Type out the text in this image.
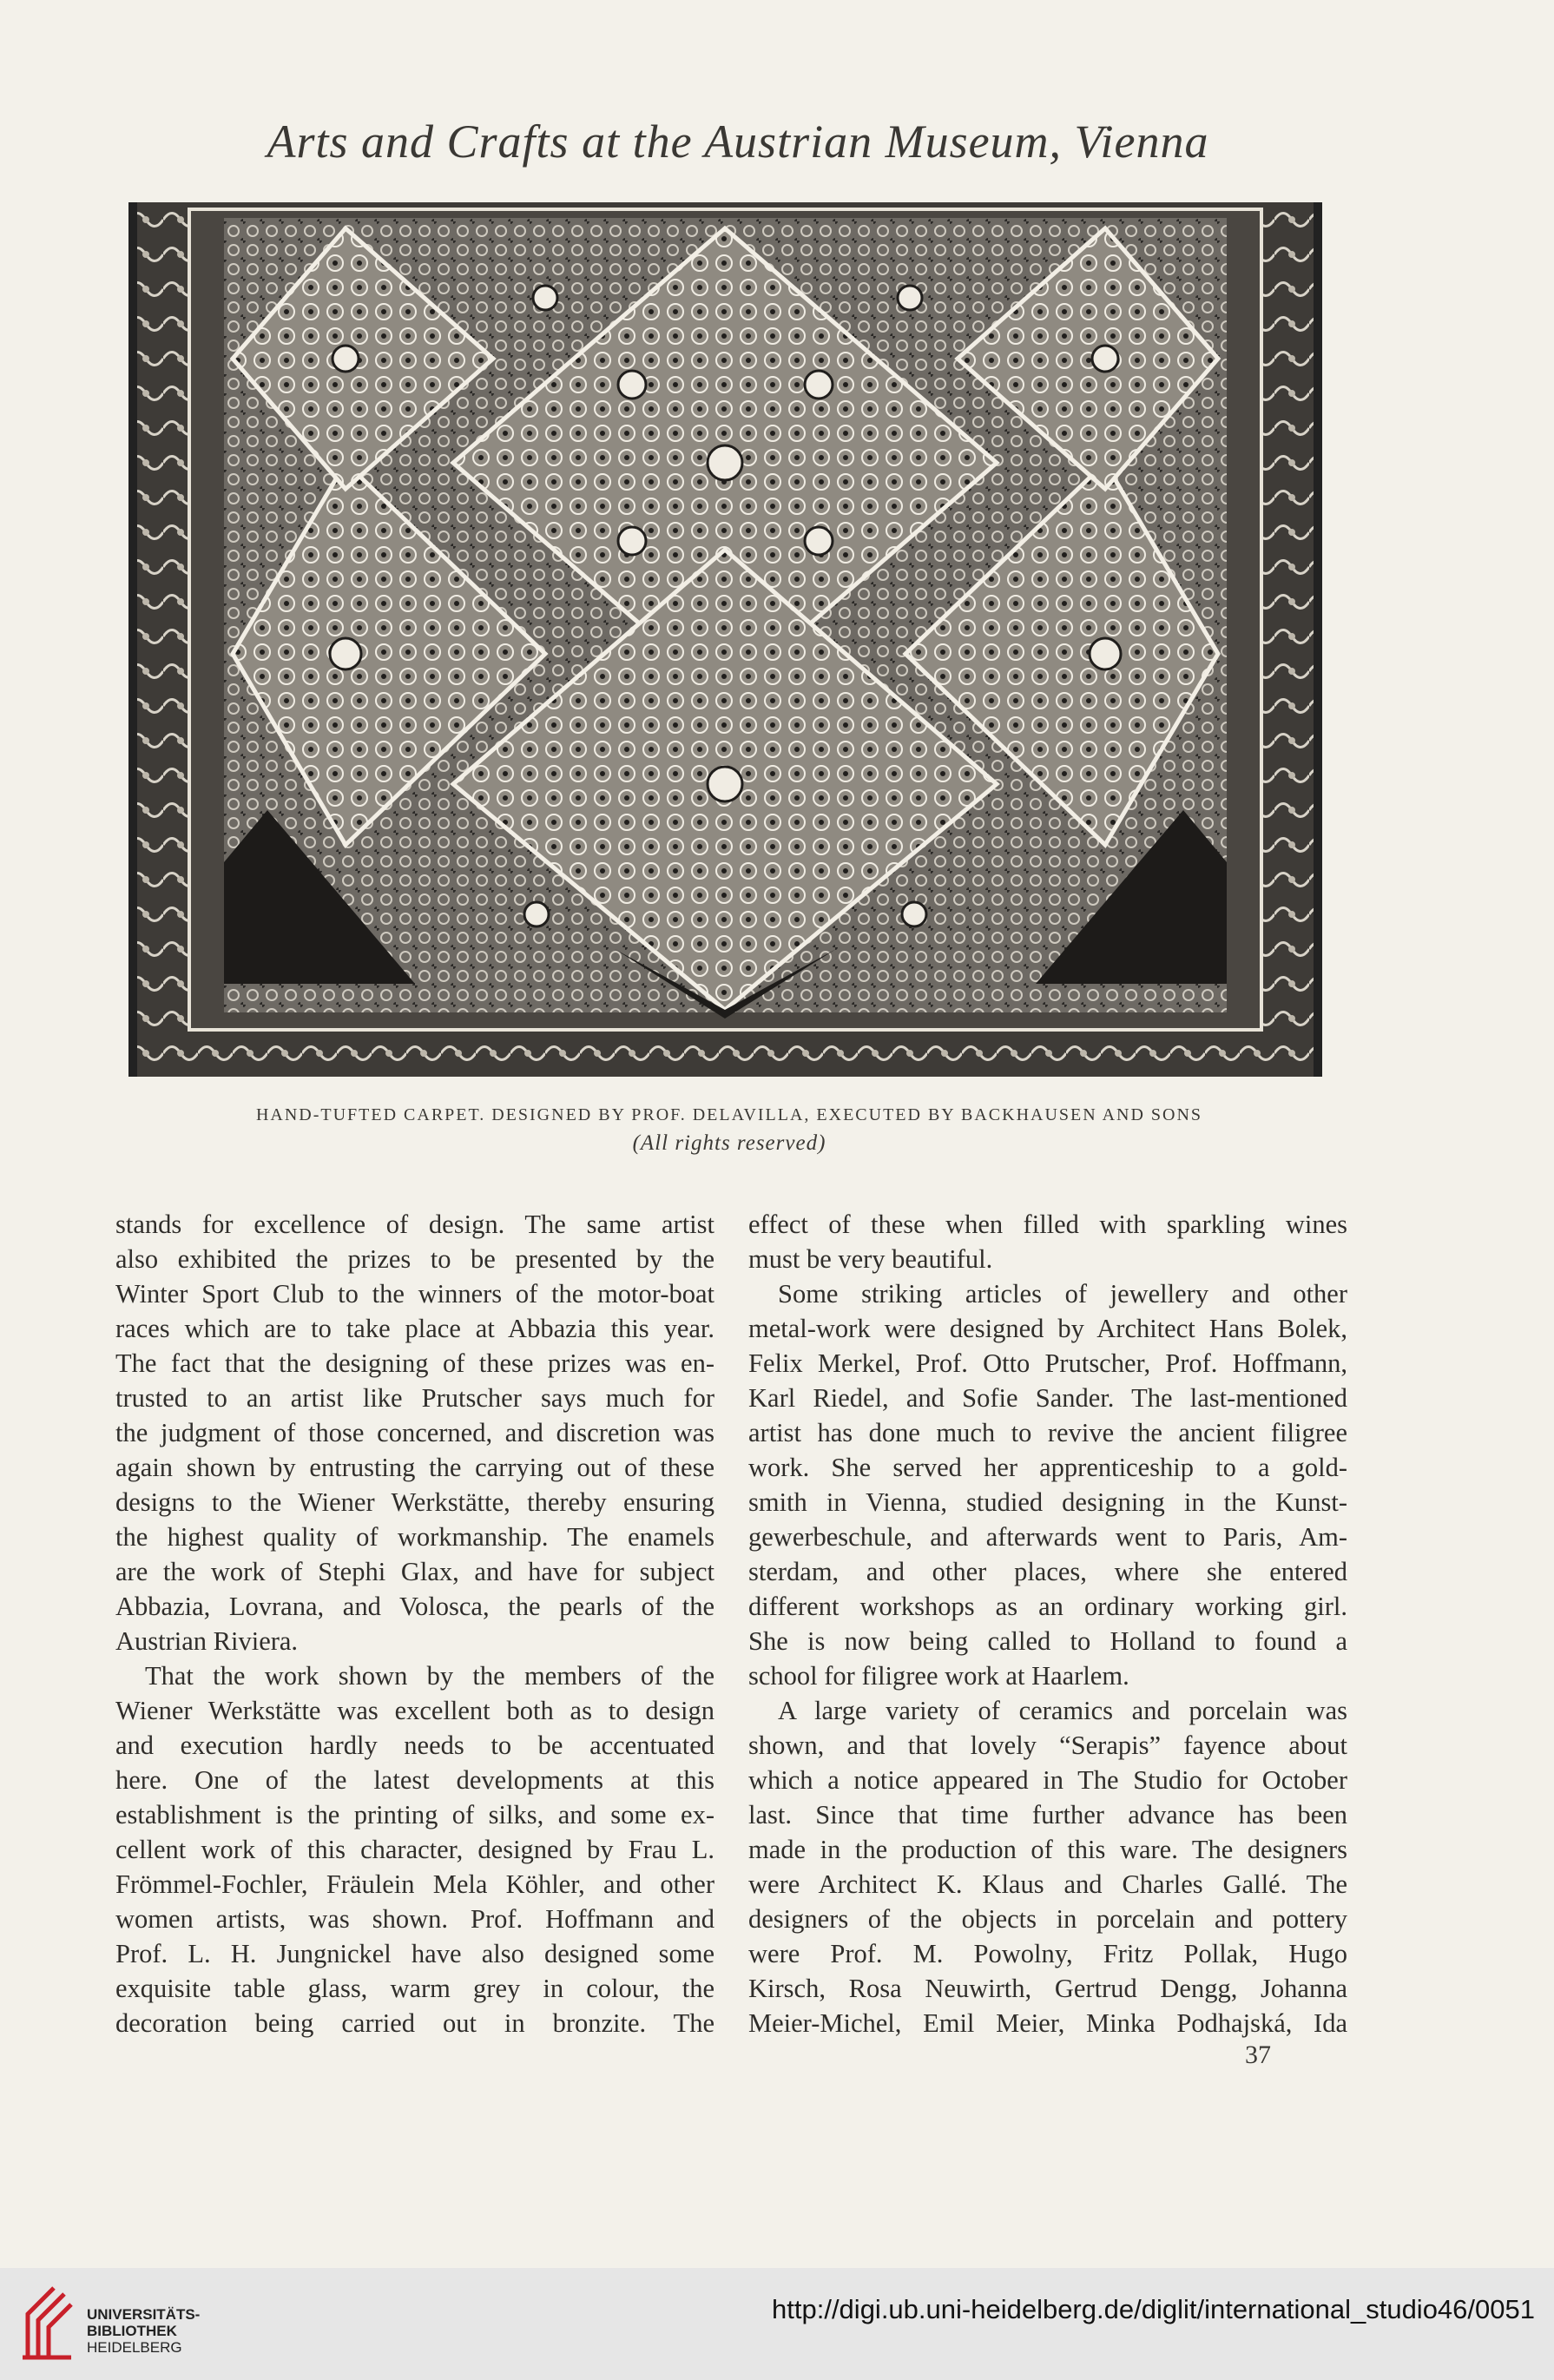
Arts and Crafts at the Austrian Museum, Vienna
HAND-TUFTED CARPET. DESIGNED BY PROF. DELAVILLA, EXECUTED BY BACKHAUSEN AND SONS
(All rights reserved)

stands for excellence of design. The same artist

also exhibited the prizes to be presented by the

Winter Sport Club to the winners of the motor-boat

races which are to take place at Abbazia this year.

The fact that the designing of these prizes was en-

trusted to an artist like Prutscher says much for

the judgment of those concerned, and discretion was

again shown by entrusting the carrying out of these

designs to the Wiener Werkstätte, thereby ensuring

the highest quality of workmanship. The enamels

are the work of Stephi Glax, and have for subject

Abbazia, Lovrana, and Volosca, the pearls of the

Austrian Riviera.

That the work shown by the members of the

Wiener Werkstätte was excellent both as to design

and execution hardly needs to be accentuated

here. One of the latest developments at this

establishment is the printing of silks, and some ex-

cellent work of this character, designed by Frau L.

Frömmel-Fochler, Fräulein Mela Köhler, and other

women artists, was shown. Prof. Hoffmann and

Prof. L. H. Jungnickel have also designed some

exquisite table glass, warm grey in colour, the

decoration being carried out in bronzite. The

effect of these when filled with sparkling wines

must be very beautiful.

Some striking articles of jewellery and other

metal-work were designed by Architect Hans Bolek,

Felix Merkel, Prof. Otto Prutscher, Prof. Hoffmann,

Karl Riedel, and Sofie Sander. The last-mentioned

artist has done much to revive the ancient filigree

work. She served her apprenticeship to a gold-

smith in Vienna, studied designing in the Kunst-

gewerbeschule, and afterwards went to Paris, Am-

sterdam, and other places, where she entered

different workshops as an ordinary working girl.

She is now being called to Holland to found a

school for filigree work at Haarlem.

A large variety of ceramics and porcelain was

shown, and that lovely “Serapis” fayence about

which a notice appeared in The Studio for October

last. Since that time further advance has been

made in the production of this ware. The designers

were Architect K. Klaus and Charles Gallé. The

designers of the objects in porcelain and pottery

were Prof. M. Powolny, Fritz Pollak, Hugo

Kirsch, Rosa Neuwirth, Gertrud Dengg, Johanna

Meier-Michel, Emil Meier, Minka Podhajská, Ida

37
UNIVERSITÄTS-
BIBLIOTHEK
HEIDELBERG
http://digi.ub.uni-heidelberg.de/diglit/international_studio46/0051
